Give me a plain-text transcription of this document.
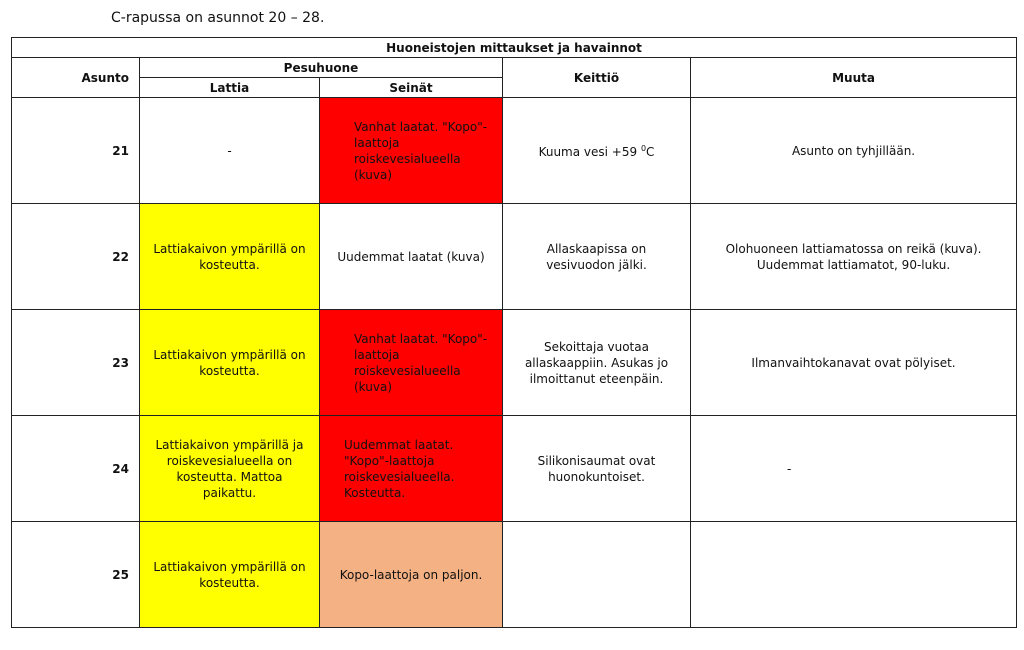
C-rapussa on asunnot 20 – 28.
Huoneistojen mittaukset ja havainnot				
Asunto	Pesuhuone		Keittiö	Muuta
	Lattia	Seinät		
21	-	Vanhat laatat. "Kopo"-laattoja roiskevesialueella (kuva)	Kuuma vesi +59 $^0$C	Asunto on tyhjillään.
22	Lattiakaivon ympärillä on kosteutta.	Uudemmat laatat (kuva)	Allaskaapissa on vesivuodon jälki.	Olohuoneen lattiamatossa on reikä (kuva). Uudemmat lattiamatot, 90-luku.
23	Lattiakaivon ympärillä on kosteutta.	Vanhat laatat. "Kopo"-laattoja roiskevesialueella (kuva)	Sekoittaja vuotaa allaskaappiin. Asukas jo ilmoittanut eteenpäin.	Ilmanvaihtokanavat ovat pölyiset.
24	Lattiakaivon ympärillä ja roiskevesialueella on kosteutta. Mattoa paikattu.	Uudemmat laatat. "Kopo"-laattoja roiskevesialueella. Kosteutta.	Silikonisaumat ovat huonokuntoiset.	-
25	Lattiakaivon ympärillä on kosteutta.	Kopo-laattoja on paljon.		
